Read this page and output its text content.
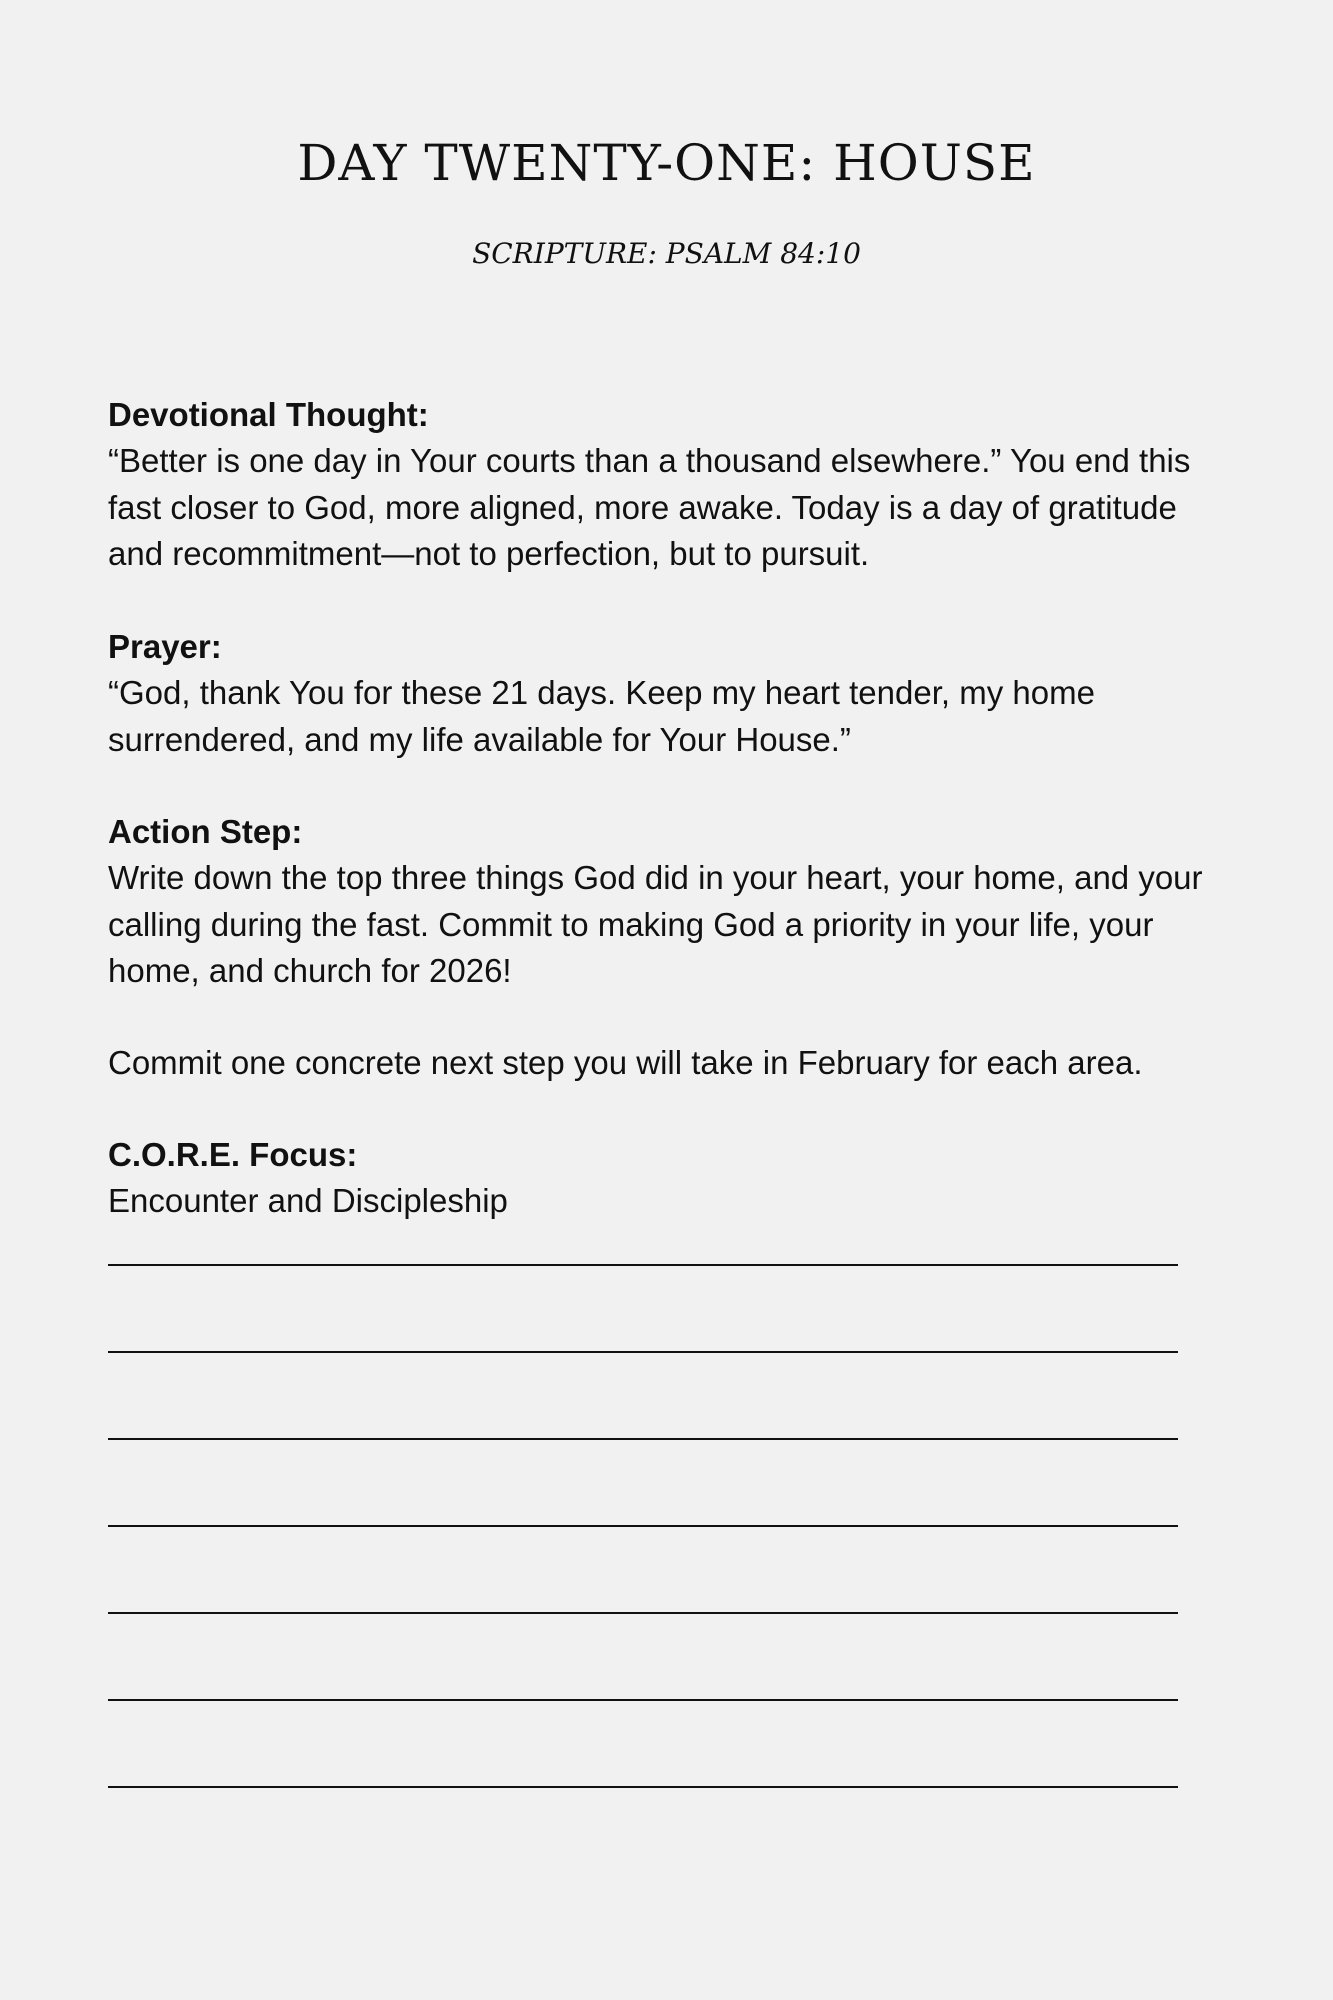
DAY TWENTY-ONE: HOUSE

SCRIPTURE: PSALM 84:10

Devotional Thought:

“Better is one day in Your courts than a thousand elsewhere.” You end this fast closer to God, more aligned, more awake. Today is a day of gratitude and recommitment—not to perfection, but to pursuit.

Prayer:

“God, thank You for these 21 days. Keep my heart tender, my home surrendered, and my life available for Your House.”

Action Step:

Write down the top three things God did in your heart, your home, and your calling during the fast. Commit to making God a priority in your life, your home, and church for 2026!

Commit one concrete next step you will take in February for each area.

C.O.R.E. Focus:

Encounter and Discipleship
